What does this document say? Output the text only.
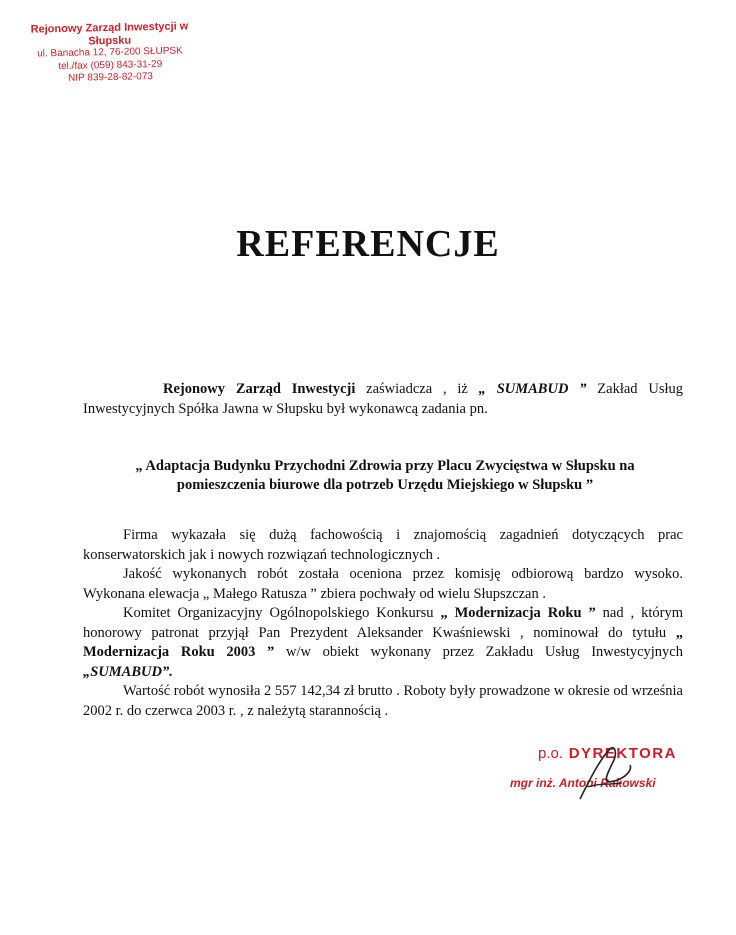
Rejonowy Zarząd Inwestycji w Słupsku
ul. Banacha 12, 76-200 SŁUPSK
tel./fax (059) 843-31-29
NIP 839-28-82-073
REFERENCJE
Rejonowy Zarząd Inwestycji zaświadcza , iż „ SUMABUD ” Zakład Usług Inwestycyjnych Spółka Jawna w Słupsku był wykonawcą zadania pn.
„ Adaptacja Budynku Przychodni Zdrowia przy Placu Zwycięstwa w Słupsku na
pomieszczenia biurowe dla potrzeb Urzędu Miejskiego w Słupsku ”
Firma wykazała się dużą fachowością i znajomością zagadnień dotyczących prac konserwatorskich jak i nowych rozwiązań technologicznych .
Jakość wykonanych robót została oceniona przez komisję odbiorową bardzo wysoko. Wykonana elewacja „ Małego Ratusza ” zbiera pochwały od wielu Słupszczan .
Komitet Organizacyjny Ogólnopolskiego Konkursu „ Modernizacja Roku ” nad , którym honorowy patronat przyjął Pan Prezydent Aleksander Kwaśniewski , nominował do tytułu „ Modernizacja Roku 2003 ” w/w obiekt wykonany przez Zakładu Usług Inwestycyjnych „SUMABUD”.
Wartość robót wynosiła 2 557 142,34 zł brutto . Roboty były prowadzone w okresie od września 2002 r. do czerwca 2003 r. , z należytą starannością .
p.o. DYREKTORA
mgr inż. Antoni Rakowski
